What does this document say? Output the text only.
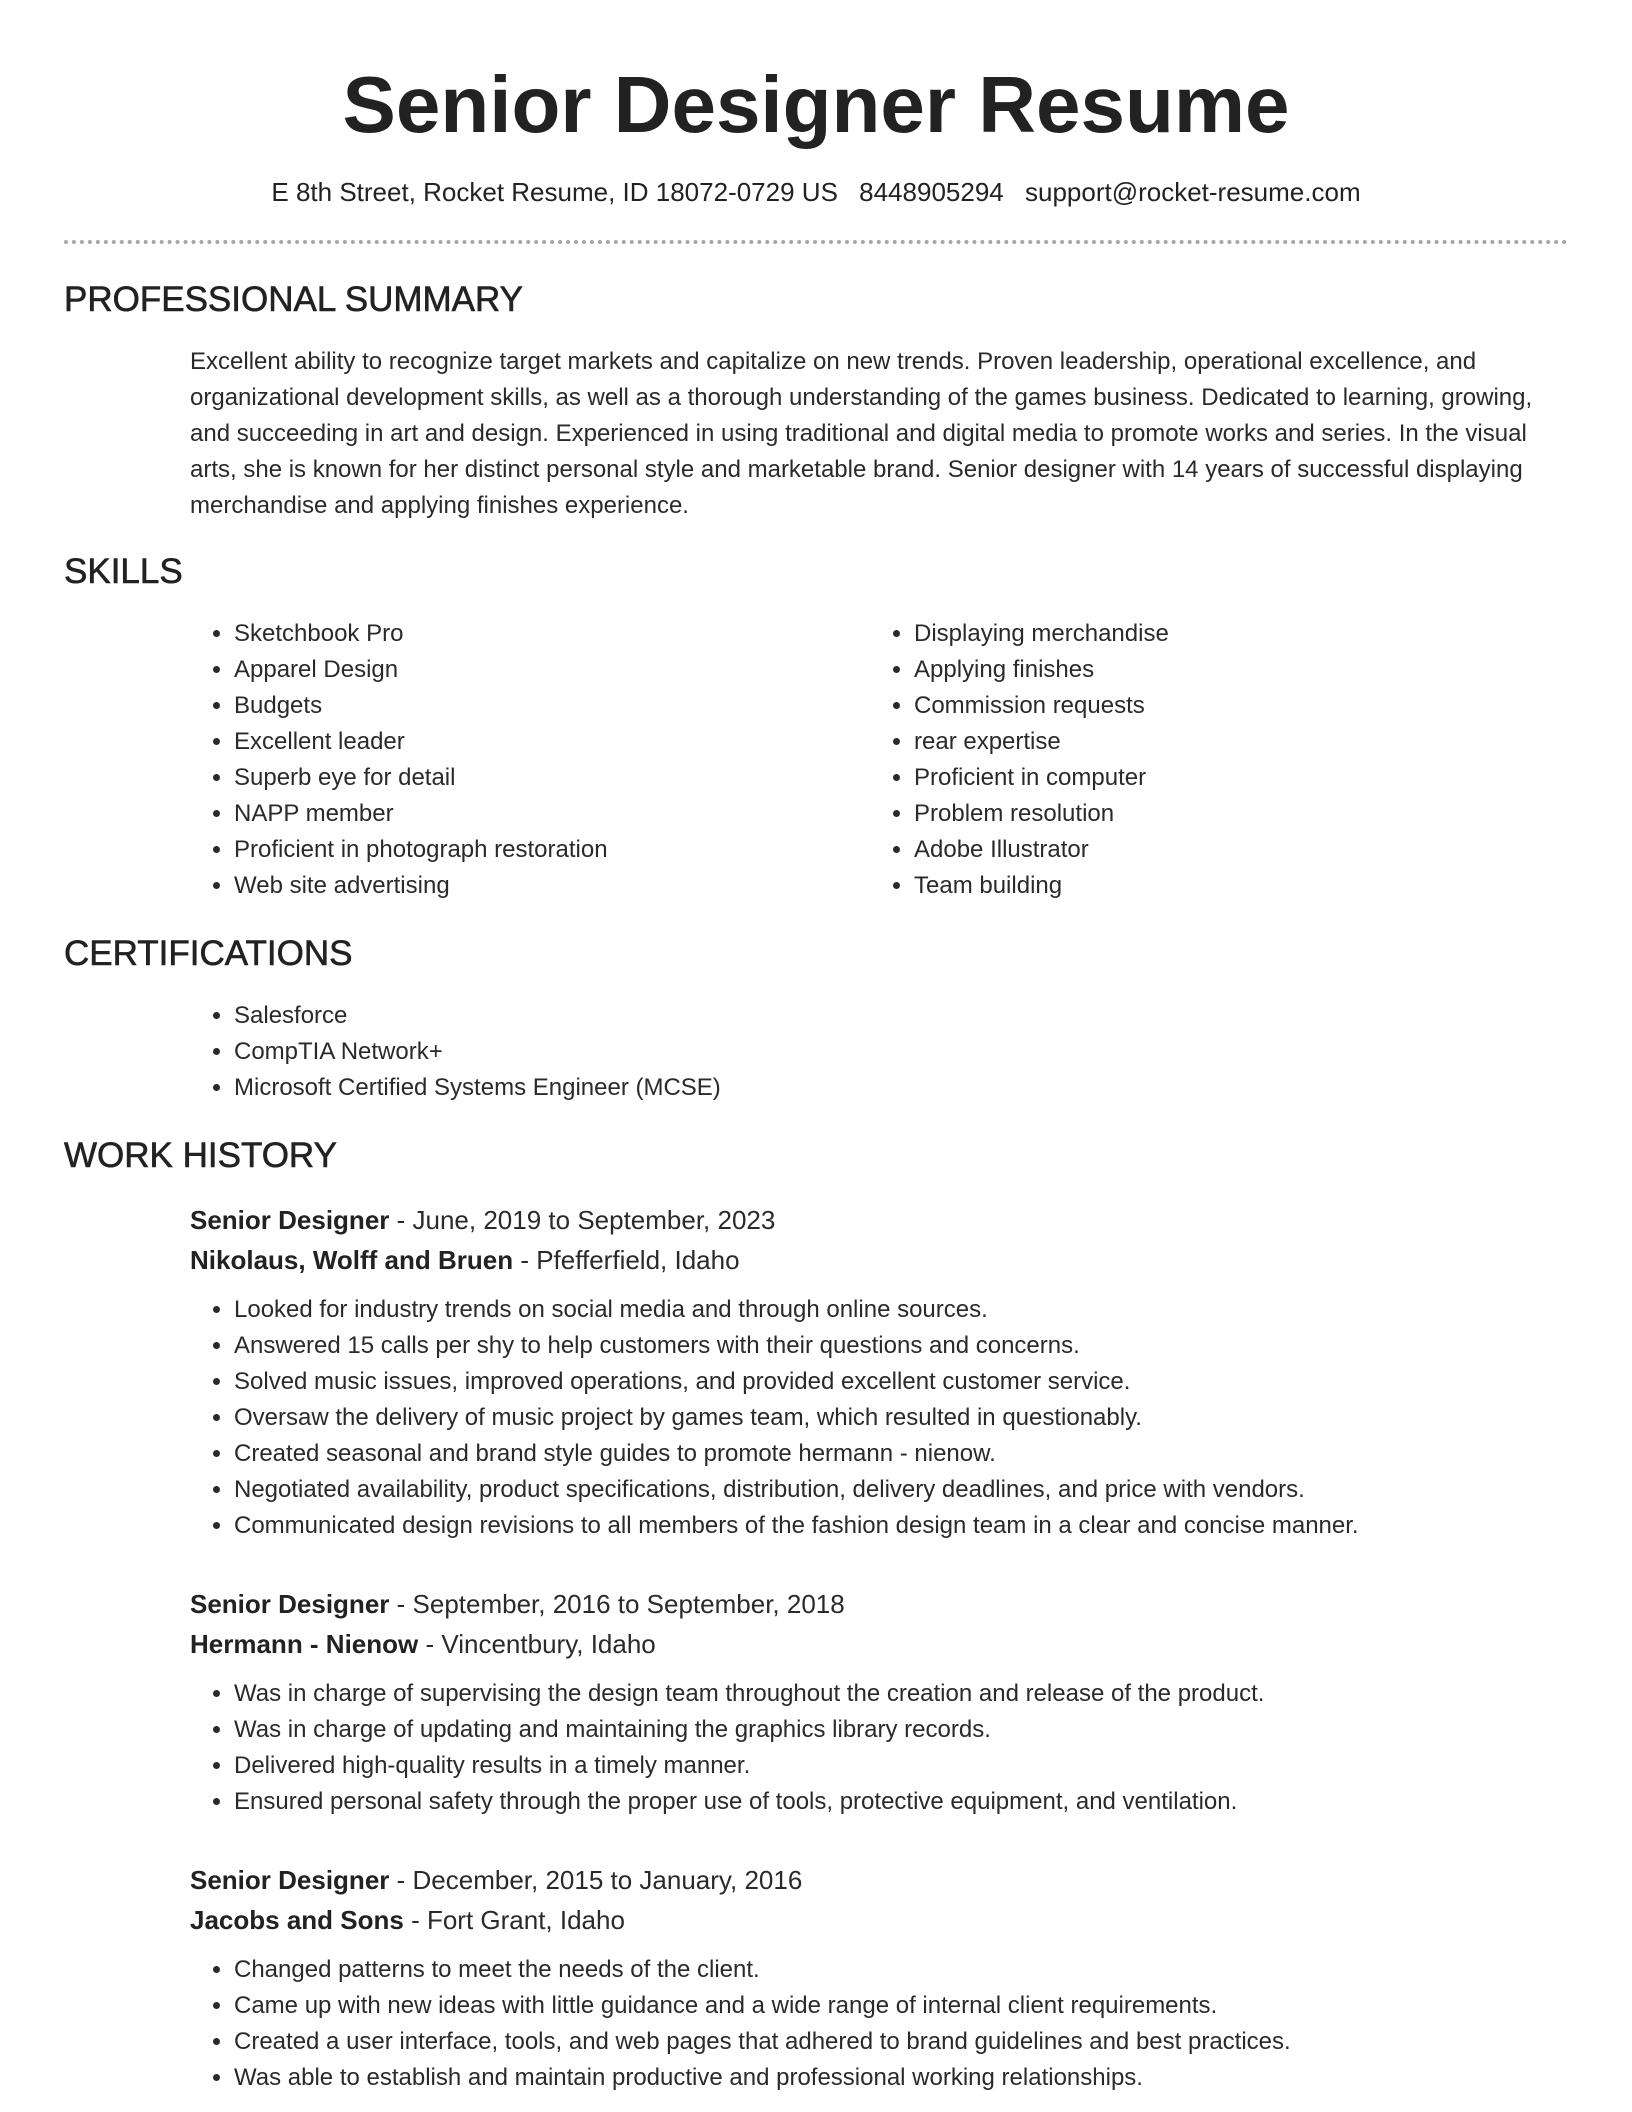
Senior Designer Resume
E 8th Street, Rocket Resume, ID 18072-0729 US 8448905294 support@rocket-resume.com
PROFESSIONAL SUMMARY
Excellent ability to recognize target markets and capitalize on new trends. Proven leadership, operational excellence, and organizational development skills, as well as a thorough understanding of the games business. Dedicated to learning, growing, and succeeding in art and design. Experienced in using traditional and digital media to promote works and series. In the visual arts, she is known for her distinct personal style and marketable brand. Senior designer with 14 years of successful displaying merchandise and applying finishes experience.
SKILLS
• Sketchbook Pro
• Apparel Design
• Budgets
• Excellent leader
• Superb eye for detail
• NAPP member
• Proficient in photograph restoration
• Web site advertising
• Displaying merchandise
• Applying finishes
• Commission requests
• rear expertise
• Proficient in computer
• Problem resolution
• Adobe Illustrator
• Team building
CERTIFICATIONS
• Salesforce
• CompTIA Network+
• Microsoft Certified Systems Engineer (MCSE)
WORK HISTORY
Senior Designer - June, 2019 to September, 2023
Nikolaus, Wolff and Bruen - Pfefferfield, Idaho
• Looked for industry trends on social media and through online sources.
• Answered 15 calls per shy to help customers with their questions and concerns.
• Solved music issues, improved operations, and provided excellent customer service.
• Oversaw the delivery of music project by games team, which resulted in questionably.
• Created seasonal and brand style guides to promote hermann - nienow.
• Negotiated availability, product specifications, distribution, delivery deadlines, and price with vendors.
• Communicated design revisions to all members of the fashion design team in a clear and concise manner.
Senior Designer - September, 2016 to September, 2018
Hermann - Nienow - Vincentbury, Idaho
• Was in charge of supervising the design team throughout the creation and release of the product.
• Was in charge of updating and maintaining the graphics library records.
• Delivered high-quality results in a timely manner.
• Ensured personal safety through the proper use of tools, protective equipment, and ventilation.
Senior Designer - December, 2015 to January, 2016
Jacobs and Sons - Fort Grant, Idaho
• Changed patterns to meet the needs of the client.
• Came up with new ideas with little guidance and a wide range of internal client requirements.
• Created a user interface, tools, and web pages that adhered to brand guidelines and best practices.
• Was able to establish and maintain productive and professional working relationships.
